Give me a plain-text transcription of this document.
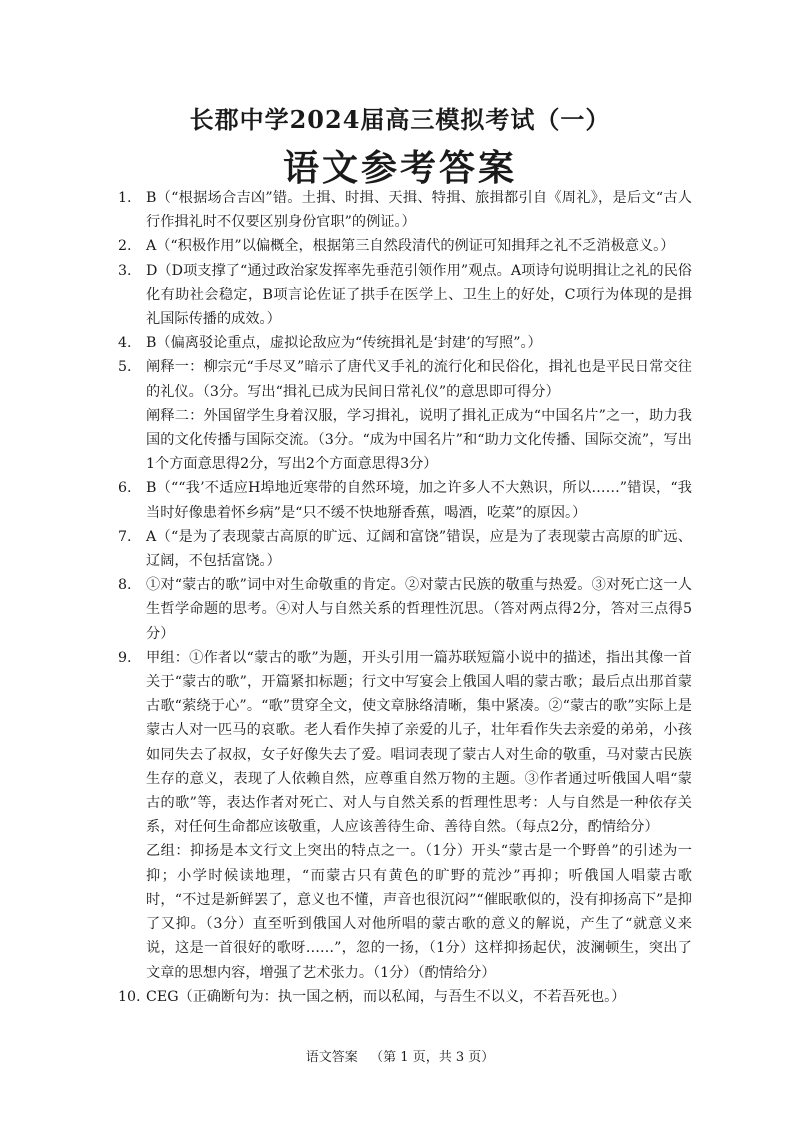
长郡中学2024届高三模拟考试（一）
语文参考答案
1. B（“根据场合吉凶”错。土揖、时揖、天揖、特揖、旅揖都引自《周礼》，是后文“古人行作揖礼时不仅要区别身份官职”的例证。）

2. A（“积极作用”以偏概全，根据第三自然段清代的例证可知揖拜之礼不乏消极意义。）

3. D（D项支撑了“通过政治家发挥率先垂范引领作用”观点。A项诗句说明揖让之礼的民俗化有助社会稳定，B项言论佐证了拱手在医学上、卫生上的好处，C项行为体现的是揖礼国际传播的成效。）

4. B（偏离驳论重点，虚拟论敌应为“传统揖礼是‘封建’的写照”。）

5. 阐释一：柳宗元“手尽叉”暗示了唐代叉手礼的流行化和民俗化，揖礼也是平民日常交往的礼仪。（3分。写出“揖礼已成为民间日常礼仪”的意思即可得分）

阐释二：外国留学生身着汉服，学习揖礼，说明了揖礼正成为“中国名片”之一，助力我国的文化传播与国际交流。（3分。“成为中国名片”和“助力文化传播、国际交流”，写出1个方面意思得2分，写出2个方面意思得3分）

6. B（““我’不适应H埠地近寒带的自然环境，加之许多人不大熟识，所以……”错误，“我当时好像患着怀乡病”是“只不缓不快地掰香蕉，喝酒，吃菜”的原因。）

7. A（“是为了表现蒙古高原的旷远、辽阔和富饶”错误，应是为了表现蒙古高原的旷远、辽阔，不包括富饶。）

8. ①对“蒙古的歌”词中对生命敬重的肯定。②对蒙古民族的敬重与热爱。③对死亡这一人生哲学命题的思考。④对人与自然关系的哲理性沉思。（答对两点得2分，答对三点得5分）

9. 甲组：①作者以“蒙古的歌”为题，开头引用一篇苏联短篇小说中的描述，指出其像一首关于“蒙古的歌”，开篇紧扣标题；行文中写宴会上俄国人唱的蒙古歌；最后点出那首蒙古歌“萦绕于心”。“歌”贯穿全文，使文章脉络清晰，集中紧凑。②“蒙古的歌”实际上是蒙古人对一匹马的哀歌。老人看作失掉了亲爱的儿子，壮年看作失去亲爱的弟弟，小孩如同失去了叔叔，女子好像失去了爱。唱词表现了蒙古人对生命的敬重，马对蒙古民族生存的意义，表现了人依赖自然，应尊重自然万物的主题。③作者通过听俄国人唱“蒙古的歌”等，表达作者对死亡、对人与自然关系的哲理性思考：人与自然是一种依存关系，对任何生命都应该敬重，人应该善待生命、善待自然。（每点2分，酌情给分）

乙组：抑扬是本文行文上突出的特点之一。（1分）开头“蒙古是一个野兽”的引述为一抑；小学时候读地理，“而蒙古只有黄色的旷野的荒沙”再抑；听俄国人唱蒙古歌时，“不过是新鲜罢了，意义也不懂，声音也很沉闷”“催眠歌似的，没有抑扬高下”是抑了又抑。（3分）直至听到俄国人对他所唱的蒙古歌的意义的解说，产生了“就意义来说，这是一首很好的歌呀……”，忽的一扬，（1分）这样抑扬起伏，波澜顿生，突出了文章的思想内容，增强了艺术张力。（1分）（酌情给分）

10. CEG（正确断句为：执一国之柄，而以私闻，与吾生不以义，不若吾死也。）

语文答案 （第 1 页，共 3 页）
